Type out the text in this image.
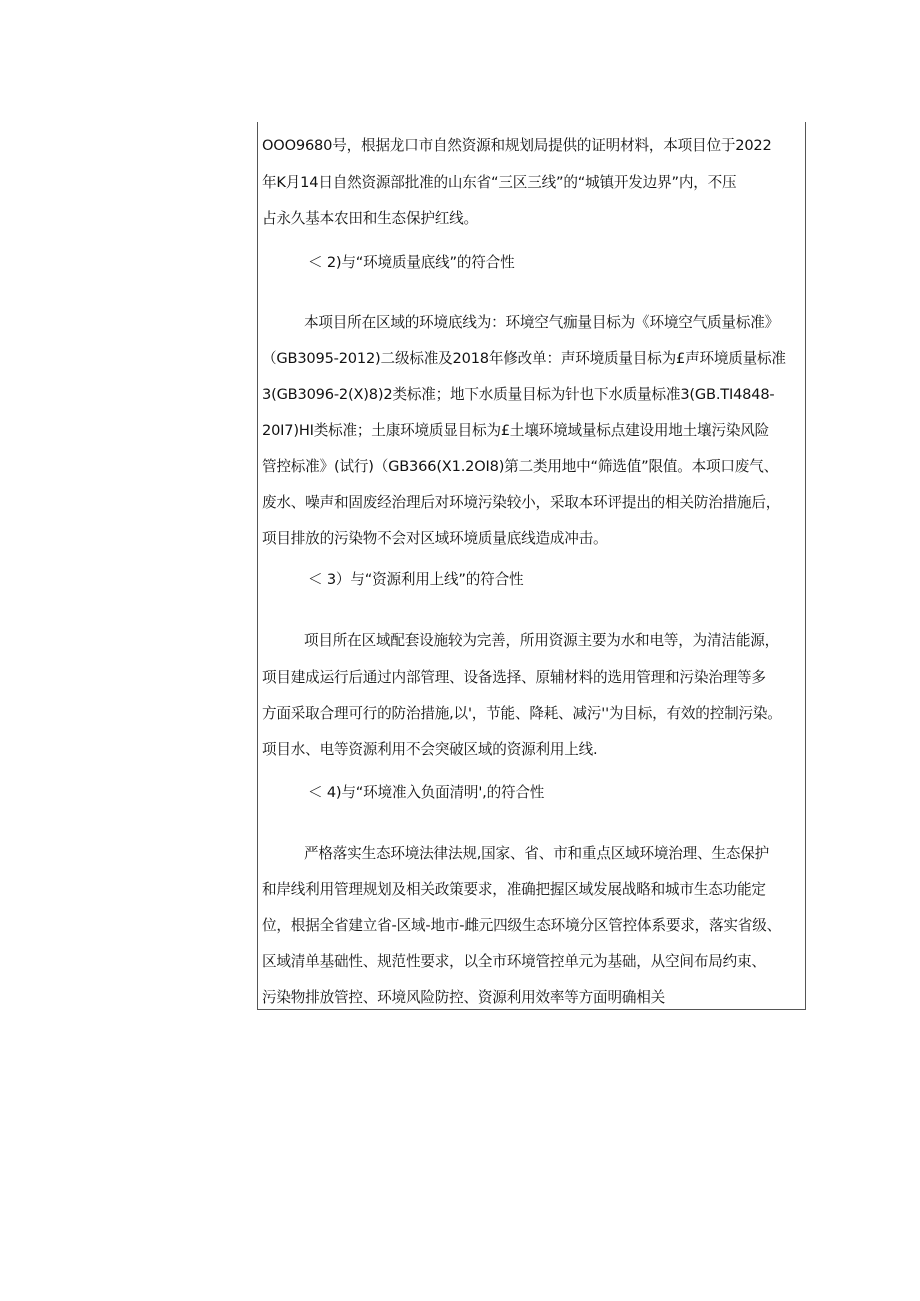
OOO9680号，根据龙口市自然资源和规划局提供的证明材料，本项目位于2022
年K月14日自然资源部批准的山东省“三区三线”的“城镇开发边界”内，不压
占永久基本农田和生态保护红线。
＜ 2)与“环境质量底线”的符合性
本项目所在区域的环境底线为：环境空气痂量目标为《环境空气质量标准》
（GB3095-2012)二级标准及2018年修改单：声环境质量目标为£声环境质量标准
3(GB3096-2(X)8)2类标准；地下水质量目标为针也下水质量标准3(GB.TI4848-
20I7)HI类标准；土康环境质显目标为£土壤环境域量标点建设用地土壤污染风险
管控标准》(试行)（GB366(X1.2OI8)第二类用地中“筛选值”限值。本项口废气、
废水、噪声和固废经治理后对环境污染较小，采取本环评提出的相关防治措施后，
项目排放的污染物不会对区域环境质量底线造成冲击。
＜ 3）与“资源利用上线”的符合性
项目所在区域配套设施较为完善，所用资源主要为水和电等，为清洁能源，
项目建成运行后通过内部管理、设备选择、原辅材料的选用管理和污染治理等多
方面采取合理可行的防治措施,以'，节能、降耗、减污''为目标，有效的控制污染。
项目水、电等资源利用不会突破区域的资源利用上线.
＜ 4)与“环境准入负面清明',的符合性
严格落实生态环境法律法规,国家、省、市和重点区域环境治理、生态保护
和岸线利用管理规划及相关政策要求，准确把握区域发展战略和城市生态功能定
位，根据全省建立省-区域-地市-雌元四级生态环境分区管控体系要求，落实省级、
区域清单基础性、规范性要求，以全市环境管控单元为基础，从空间布局约束、
污染物排放管控、环境风险防控、资源利用效率等方面明确相关
